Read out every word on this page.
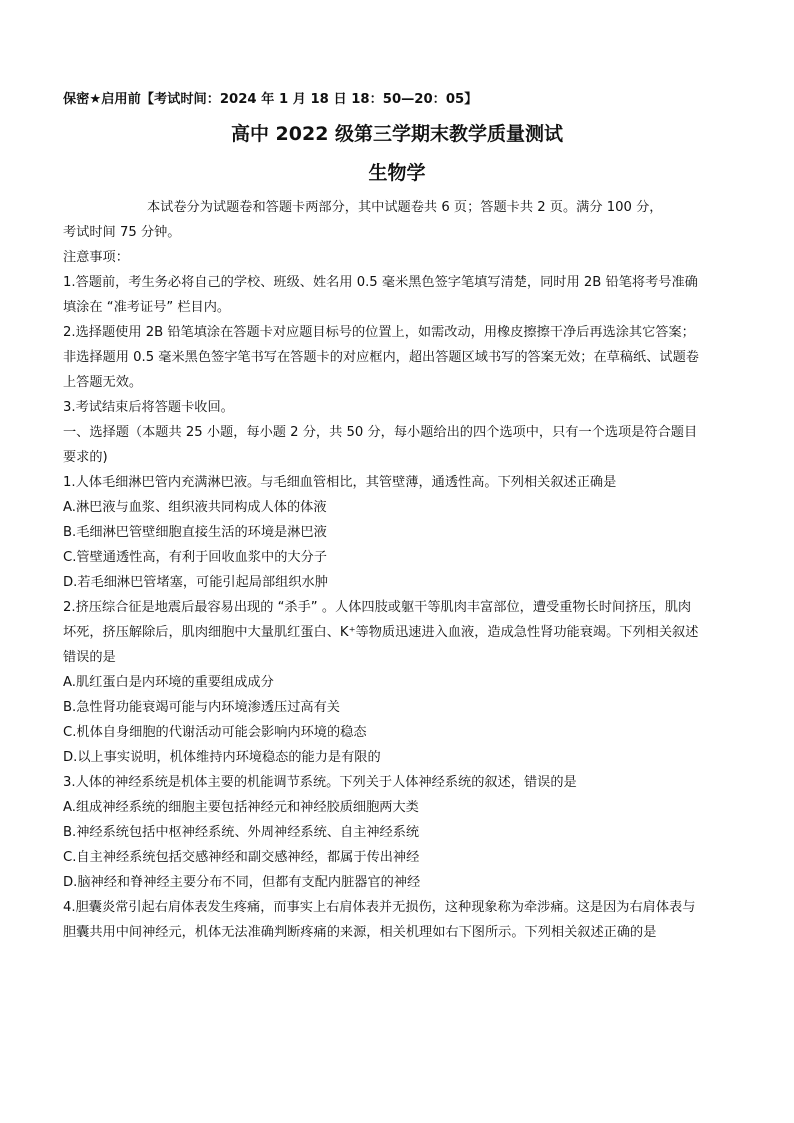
保密★启用前【考试时间：2024 年 1 月 18 日 18：50—20：05】
高中 2022 级第三学期末教学质量测试
生物学
本试卷分为试题卷和答题卡两部分，其中试题卷共 6 页；答题卡共 2 页。满分 100 分，
考试时间 75 分钟。
注意事项：
1.答题前，考生务必将自己的学校、班级、姓名用 0.5 毫米黑色签字笔填写清楚，同时用 2B 铅笔将考号准确
填涂在 “准考证号” 栏目内。
2.选择题使用 2B 铅笔填涂在答题卡对应题目标号的位置上，如需改动，用橡皮擦擦干净后再选涂其它答案；
非选择题用 0.5 毫米黑色签字笔书写在答题卡的对应框内，超出答题区域书写的答案无效；在草稿纸、试题卷
上答题无效。
3.考试结束后将答题卡收回。
一、选择题（本题共 25 小题，每小题 2 分，共 50 分，每小题给出的四个选项中，只有一个选项是符合题目
要求的)
1.人体毛细淋巴管内充满淋巴液。与毛细血管相比，其管壁薄，通透性高。下列相关叙述正确是
A.淋巴液与血浆、组织液共同构成人体的体液
B.毛细淋巴管壁细胞直接生活的环境是淋巴液
C.管壁通透性高，有利于回收血浆中的大分子
D.若毛细淋巴管堵塞，可能引起局部组织水肿
2.挤压综合征是地震后最容易出现的 “杀手” 。人体四肢或躯干等肌肉丰富部位，遭受重物长时间挤压，肌肉
坏死，挤压解除后，肌肉细胞中大量肌红蛋白、K⁺等物质迅速进入血液，造成急性肾功能衰竭。下列相关叙述
错误的是
A.肌红蛋白是内环境的重要组成成分
B.急性肾功能衰竭可能与内环境渗透压过高有关
C.机体自身细胞的代谢活动可能会影响内环境的稳态
D.以上事实说明，机体维持内环境稳态的能力是有限的
3.人体的神经系统是机体主要的机能调节系统。下列关于人体神经系统的叙述，错误的是
A.组成神经系统的细胞主要包括神经元和神经胶质细胞两大类
B.神经系统包括中枢神经系统、外周神经系统、自主神经系统
C.自主神经系统包括交感神经和副交感神经，都属于传出神经
D.脑神经和脊神经主要分布不同，但都有支配内脏器官的神经
4.胆囊炎常引起右肩体表发生疼痛，而事实上右肩体表并无损伤，这种现象称为牵涉痛。这是因为右肩体表与
胆囊共用中间神经元，机体无法准确判断疼痛的来源，相关机理如右下图所示。下列相关叙述正确的是
